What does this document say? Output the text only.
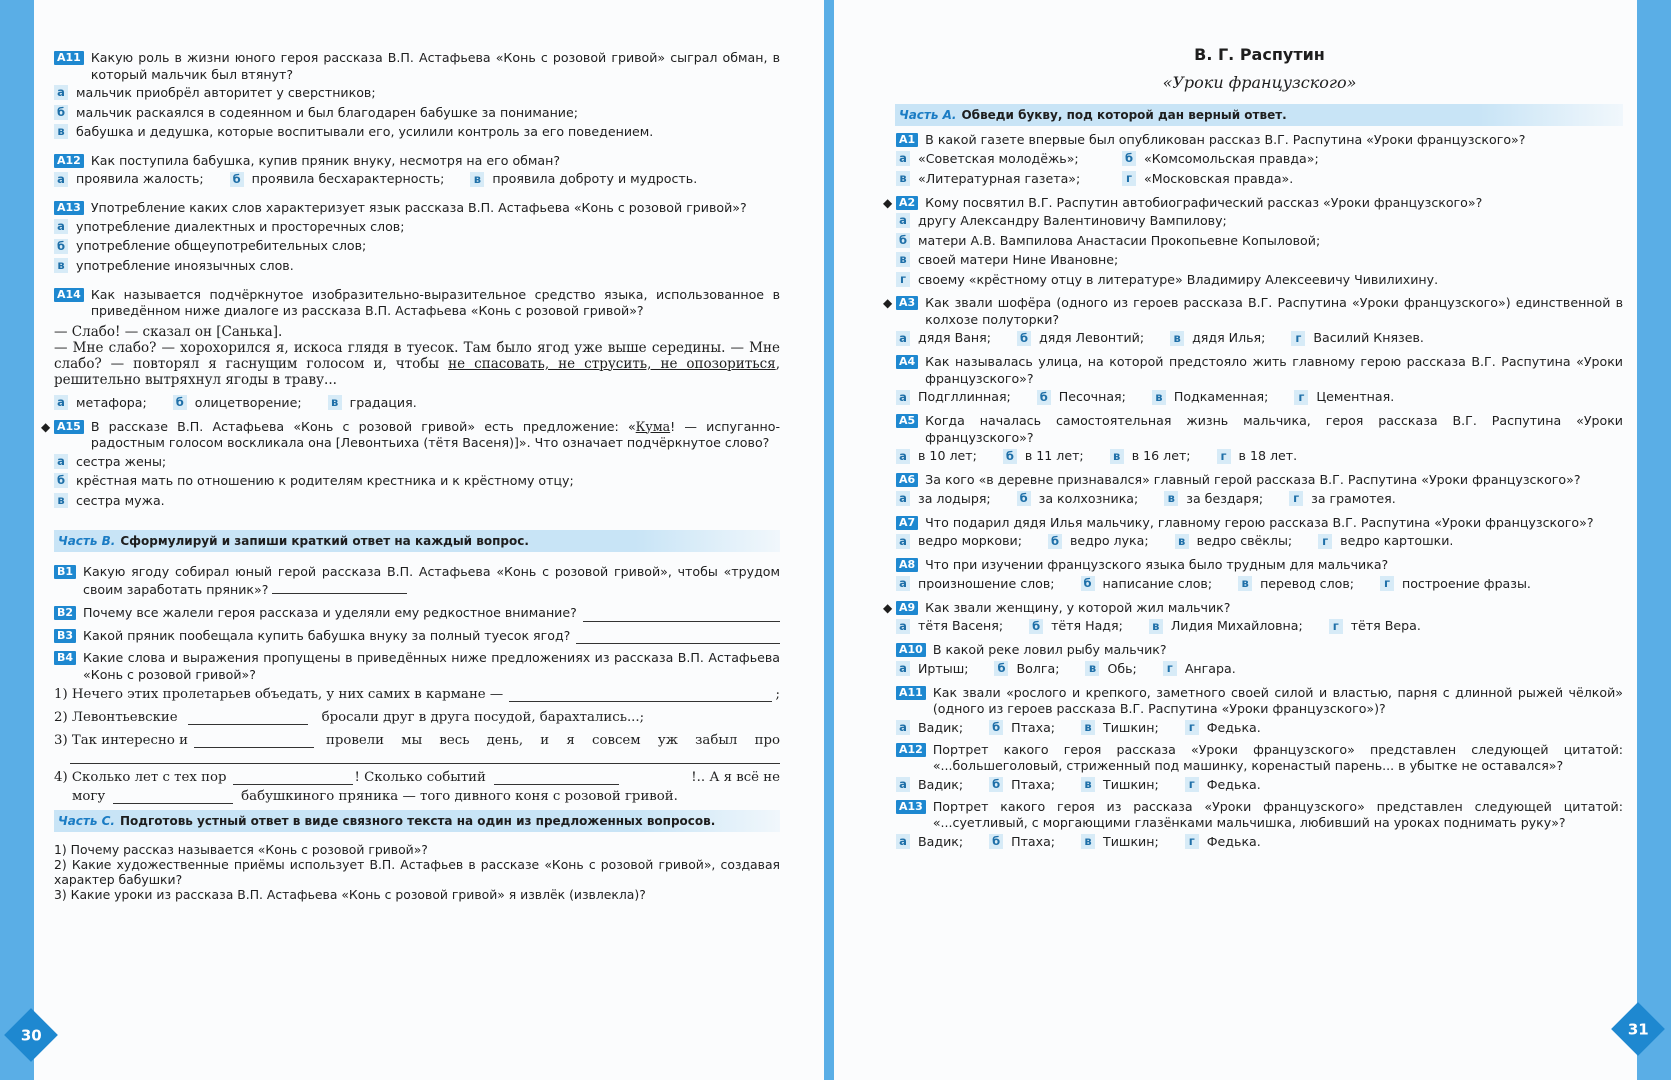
A11 Какую роль в жизни юного героя рассказа В.П. Астафьева «Конь с розовой гривой» сыграл обман, в который мальчик был втянут?
а мальчик приобрёл авторитет у сверстников;
б мальчик раскаялся в содеянном и был благодарен бабушке за понимание;
в бабушка и дедушка, которые воспитывали его, усилили контроль за его поведением.
A12 Как поступила бабушка, купив пряник внуку, несмотря на его обман?
а проявила жалость;	б проявила бесхарактерность;	в проявила доброту и мудрость.
A13 Употребление каких слов характеризует язык рассказа В.П. Астафьева «Конь с розовой гривой»?
а употребление диалектных и просторечных слов;
б употребление общеупотребительных слов;
в употребление иноязычных слов.
A14 Как называется подчёркнутое изобразительно-выразительное средство языка, использованное в приведённом ниже диалоге из рассказа В.П. Астафьева «Конь с розовой гривой»?
— Слабо! — сказал он [Санька].
— Мне слабо? — хорохорился я, искоса глядя в туесок. Там было ягод уже выше середины. — Мне слабо? — повторял я гаснущим голосом и, чтобы не спасовать, не струсить, не опозориться, решительно вытряхнул ягоды в траву...
а метафора;	б олицетворение;	в градация.
◆ A15 В рассказе В.П. Астафьева «Конь с розовой гривой» есть предложение: «Кума! — испуганно-радостным голосом воскликала она [Левонтьиха (тётя Васеня)]». Что означает подчёркнутое слово?
а сестра жены;
б крёстная мать по отношению к родителям крестника и к крёстному отцу;
в сестра мужа.
Часть В. Сформулируй и запиши краткий ответ на каждый вопрос.
B1 Какую ягоду собирал юный герой рассказа В.П. Астафьева «Конь с розовой гривой», чтобы «трудом своим заработать пряник»?
B2 Почему все жалели героя рассказа и уделяли ему редкостное внимание?
B3 Какой пряник пообещала купить бабушка внуку за полный туесок ягод?
B4 Какие слова и выражения пропущены в приведённых ниже предложениях из рассказа В.П. Астафьева «Конь с розовой гривой»?
1) Нечего этих пролетарьев объедать, у них самих в кармане —	;
2) Левонтьевские	бросали друг в друга посудой, барахтались...;
3) Так интересно и	провели мы весь день, и я совсем уж забыл про
4) Сколько лет с тех пор	! Сколько событий	!.. А я всё не
могу	бабушкиного пряника — того дивного коня с розовой гривой.
Часть С. Подготовь устный ответ в виде связного текста на один из предложенных вопросов.
1) Почему рассказ называется «Конь с розовой гривой»?
2) Какие художественные приёмы использует В.П. Астафьев в рассказе «Конь с розовой гривой», создавая характер бабушки?
3) Какие уроки из рассказа В.П. Астафьева «Конь с розовой гривой» я извлёк (извлекла)?
30
В. Г. Распутин
«Уроки французского»
Часть А. Обведи букву, под которой дан верный ответ.
A1 В какой газете впервые был опубликован рассказ В.Г. Распутина «Уроки французского»?
а «Советская молодёжь»;	б «Комсомольская правда»;
в «Литературная газета»;	г «Московская правда».
◆ A2 Кому посвятил В.Г. Распутин автобиографический рассказ «Уроки французского»?
а другу Александру Валентиновичу Вампилову;
б матери А.В. Вампилова Анастасии Прокопьевне Копыловой;
в своей матери Нине Ивановне;
г своему «крёстному отцу в литературе» Владимиру Алексеевичу Чивилихину.
◆ A3 Как звали шофёра (одного из героев рассказа В.Г. Распутина «Уроки французского») единственной в колхозе полуторки?
а дядя Ваня;	б дядя Левонтий;	в дядя Илья;	г Василий Князев.
A4 Как называлась улица, на которой предстояло жить главному герою рассказа В.Г. Распутина «Уроки французского»?
а Подгллинная;	б Песочная;	в Подкаменная;	г Цементная.
A5 Когда началась самостоятельная жизнь мальчика, героя рассказа В.Г. Распутина «Уроки французского»?
а в 10 лет;	б в 11 лет;	в в 16 лет;	г в 18 лет.
A6 За кого «в деревне признавался» главный герой рассказа В.Г. Распутина «Уроки французского»?
а за лодыря;	б за колхозника;	в за бездаря;	г за грамотея.
A7 Что подарил дядя Илья мальчику, главному герою рассказа В.Г. Распутина «Уроки французского»?
а ведро моркови;	б ведро лука;	в ведро свёклы;	г ведро картошки.
A8 Что при изучении французского языка было трудным для мальчика?
а произношение слов;	б написание слов;	в перевод слов;	г построение фразы.
◆ A9 Как звали женщину, у которой жил мальчик?
а тётя Васеня;	б тётя Надя;	в Лидия Михайловна;	г тётя Вера.
A10 В какой реке ловил рыбу мальчик?
а Иртыш;	б Волга;	в Обь;	г Ангара.
A11 Как звали «рослого и крепкого, заметного своей силой и властью, парня с длинной рыжей чёлкой» (одного из героев рассказа В.Г. Распутина «Уроки французского»)?
а Вадик;	б Птаха;	в Тишкин;	г Федька.
A12 Портрет какого героя рассказа «Уроки французского» представлен следующей цитатой: «...большеголовый, стриженный под машинку, коренастый парень... в убытке не оставался»?
а Вадик;	б Птаха;	в Тишкин;	г Федька.
A13 Портрет какого героя из рассказа «Уроки французского» представлен следующей цитатой: «...суетливый, с моргающими глазёнками мальчишка, любивший на уроках поднимать руку»?
а Вадик;	б Птаха;	в Тишкин;	г Федька.
31
